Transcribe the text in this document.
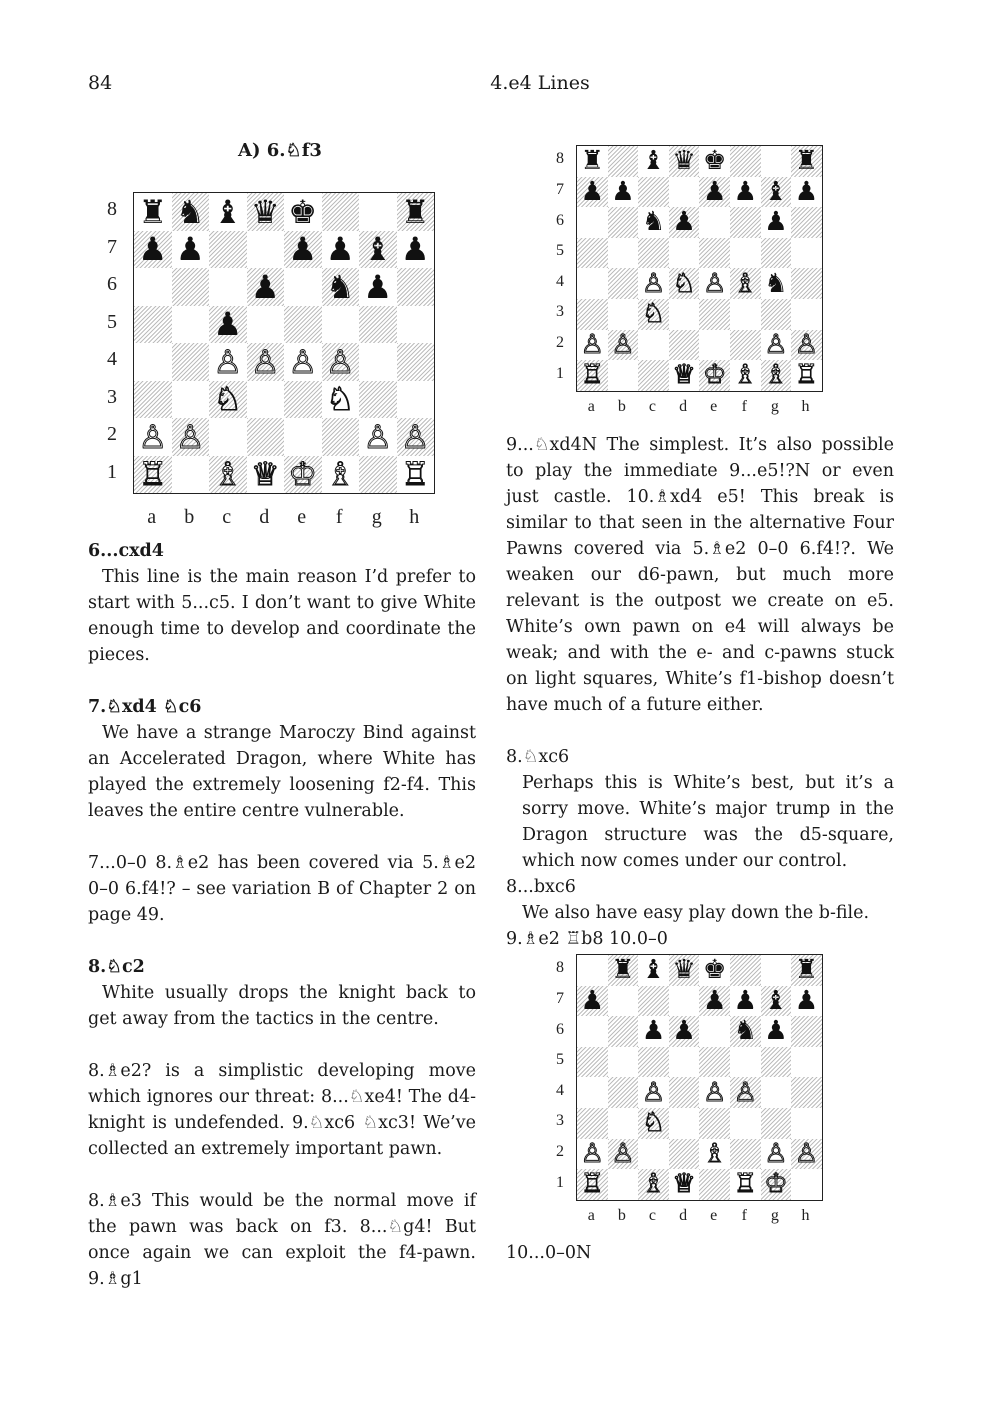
84	4.e4 Lines
A) 6.♘f3
♜ ♞ ♝ ♛ ♚	♜
♟ ♟	♟ ♟ ♝ ♟
♟ ♞ ♟
♟
♙ ♙ ♙ ♙
♘	♘
♙ ♙	♙ ♙
♖ ♗ ♕ ♔ ♗ ♖
8
7
6
5
4
3
2
1
a	b	c	d	e	f	g	h

6...cxd4

This line is the main reason I’d prefer to start with 5...c5. I don’t want to give White enough time to develop and coordinate the pieces.

7.♘xd4 ♘c6

We have a strange Maroczy Bind against an Accelerated Dragon, where White has played the extremely loosening f2-f4. This leaves the entire centre vulnerable.

7...0–0 8.♗e2 has been covered via 5.♗e2 0–0 6.f4!? – see variation B of Chapter 2 on page 49.

8.♘c2

White usually drops the knight back to get away from the tactics in the centre.

8.♗e2? is a simplistic developing move which ignores our threat: 8...♘xe4! The d4-knight is undefended. 9.♘xc6 ♘xc3! We’ve collected an extremely important pawn.

8.♗e3 This would be the normal move if the pawn was back on f3. 8...♘g4! But once again we can exploit the f4-pawn. 9.♗g1

♜ ♝ ♛ ♚	♜
♟ ♟	♟ ♟ ♝ ♟
♞ ♟	♟
♙ ♘ ♙ ♗ ♞
♘
♙ ♙	♙ ♙
♖	♕ ♔ ♗ ♗ ♖
8
7
6
5
4
3
2
1
a	b	c	d	e	f	g	h

9...♘xd4N The simplest. It’s also possible to play the immediate 9...e5!?N or even just castle. 10.♗xd4 e5! This break is similar to that seen in the alternative Four Pawns covered via 5.♗e2 0–0 6.f4!?. We weaken our d6-pawn, but much more relevant is the outpost we create on e5. White’s own pawn on e4 will always be weak; and with the e- and c-pawns stuck on light squares, White’s f1-bishop doesn’t have much of a future either.

8.♘xc6

Perhaps this is White’s best, but it’s a sorry move. White’s major trump in the Dragon structure was the d5-square, which now comes under our control.

8...bxc6

We also have easy play down the b-file.

9.♗e2 ♖b8 10.0–0

♜ ♝ ♛ ♚	♜
♟	♟ ♟ ♝ ♟
♟ ♟ ♞ ♟
♙ ♙ ♙
♘
♙ ♙	♗ ♙ ♙
♖ ♗ ♕ ♖ ♔
8
7
6
5
4
3
2
1
a	b	c	d	e	f	g	h
10...0–0N
